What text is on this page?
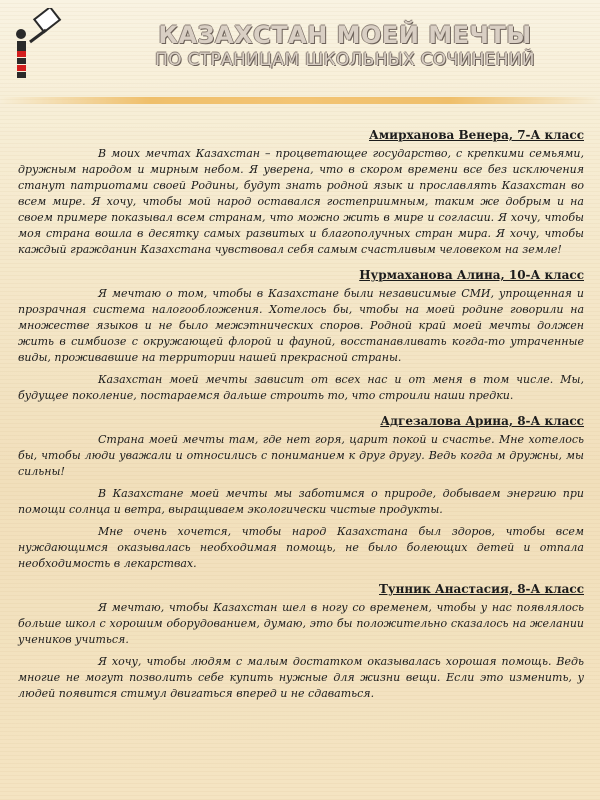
КАЗАХСТАН МОЕЙ МЕЧТЫ
ПО СТРАНИЦАМ ШКОЛЬНЫХ СОЧИНЕНИЙ
Амирханова Венера, 7-А класс

В моих мечтах Казахстан – процветающее государство, с крепкими семьями, дружным народом и мирным небом. Я уверена, что в скором времени все без исключения станут патриотами своей Родины, будут знать родной язык и прославлять Казахстан во всем мире. Я хочу, чтобы мой народ оставался гостеприимным, таким же добрым и на своем примере показывал всем странам, что можно жить в мире и согласии. Я хочу, чтобы моя страна вошла в десятку самых развитых и благополучных стран мира. Я хочу, чтобы каждый гражданин Казахстана чувствовал себя самым счастливым человеком на земле!

Нурмаханова Алина, 10-А класс

Я мечтаю о том, чтобы в Казахстане были независимые СМИ, упрощенная и прозрачная система налогообложения. Хотелось бы, чтобы на моей родине говорили на множестве языков и не было межэтнических споров. Родной край моей мечты должен жить в симбиозе с окружающей флорой и фауной, восстанавливать когда-то утраченные виды, проживавшие на территории нашей прекрасной страны.

Казахстан моей мечты зависит от всех нас и от меня в том числе. Мы, будущее поколение, постараемся дальше строить то, что строили наши предки.

Адгезалова Арина, 8-А класс

Страна моей мечты там, где нет горя, царит покой и счастье. Мне хотелось бы, чтобы люди уважали и относились с пониманием к друг другу. Ведь когда м дружны, мы сильны!

В Казахстане моей мечты мы заботимся о природе, добываем энергию при помощи солнца и ветра, выращиваем экологически чистые продукты.

Мне очень хочется, чтобы народ Казахстана был здоров, чтобы всем нуждающимся оказывалась необходимая помощь, не было болеющих детей и отпала необходимость в лекарствах.

Тунник Анастасия, 8-А класс

Я мечтаю, чтобы Казахстан шел в ногу со временем, чтобы у нас появлялось больше школ с хорошим оборудованием, думаю, это бы положительно сказалось на желании учеников учиться.

Я хочу, чтобы людям с малым достатком оказывалась хорошая помощь. Ведь многие не могут позволить себе купить нужные для жизни вещи. Если это изменить, у людей появится стимул двигаться вперед и не сдаваться.
